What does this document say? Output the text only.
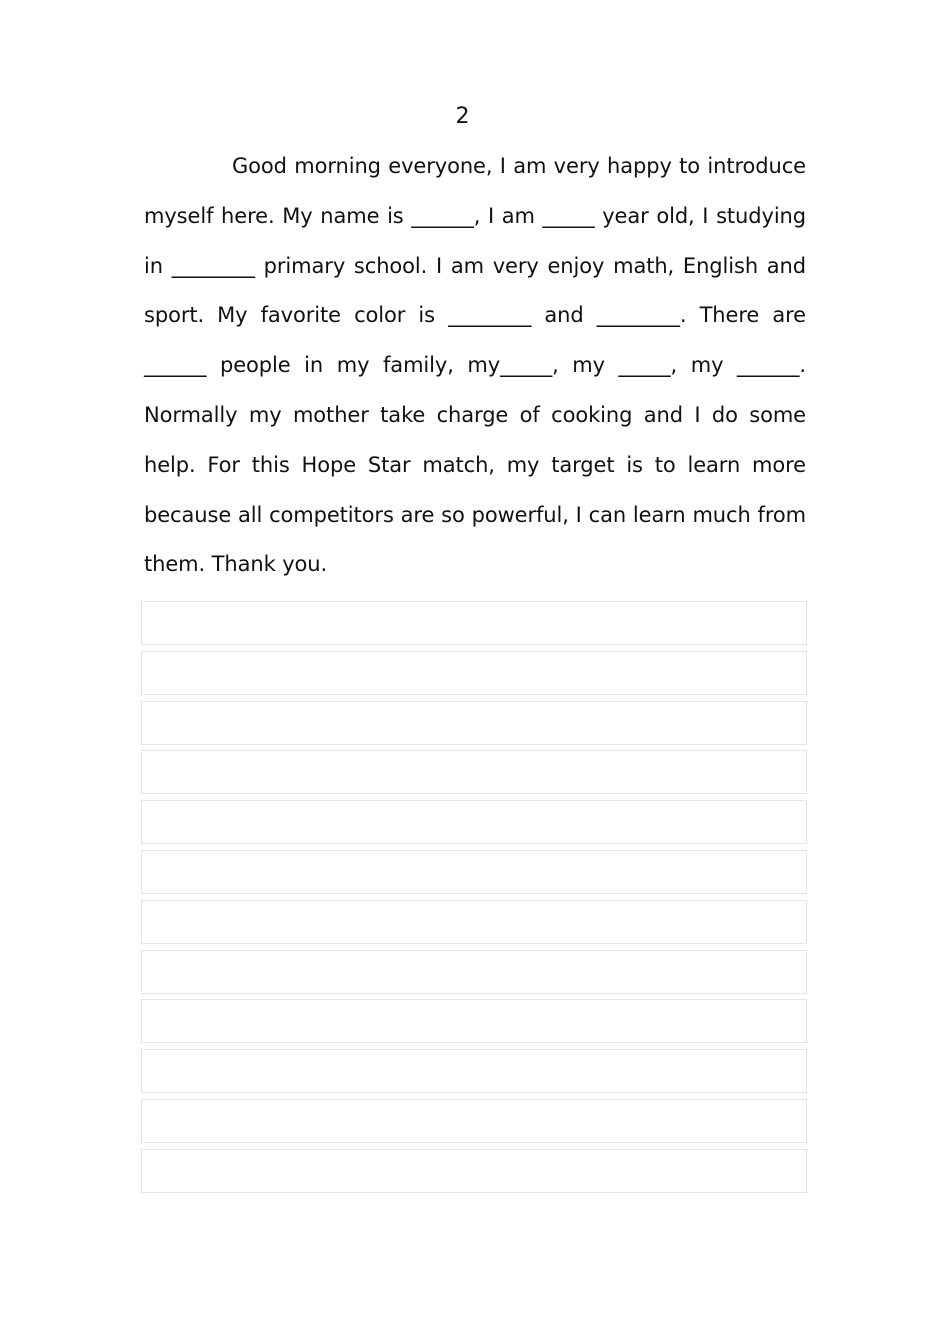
2

Good morning everyone, I am very happy to introduce myself here. My name is ______, I am _____ year old, I studying in ________ primary school. I am very enjoy math, English and sport. My favorite color is ________ and ________. There are ______ people in my family, my_____, my _____, my ______. Normally my mother take charge of cooking and I do some help. For this Hope Star match, my target is to learn more because all competitors are so powerful, I can learn much from them. Thank you.
